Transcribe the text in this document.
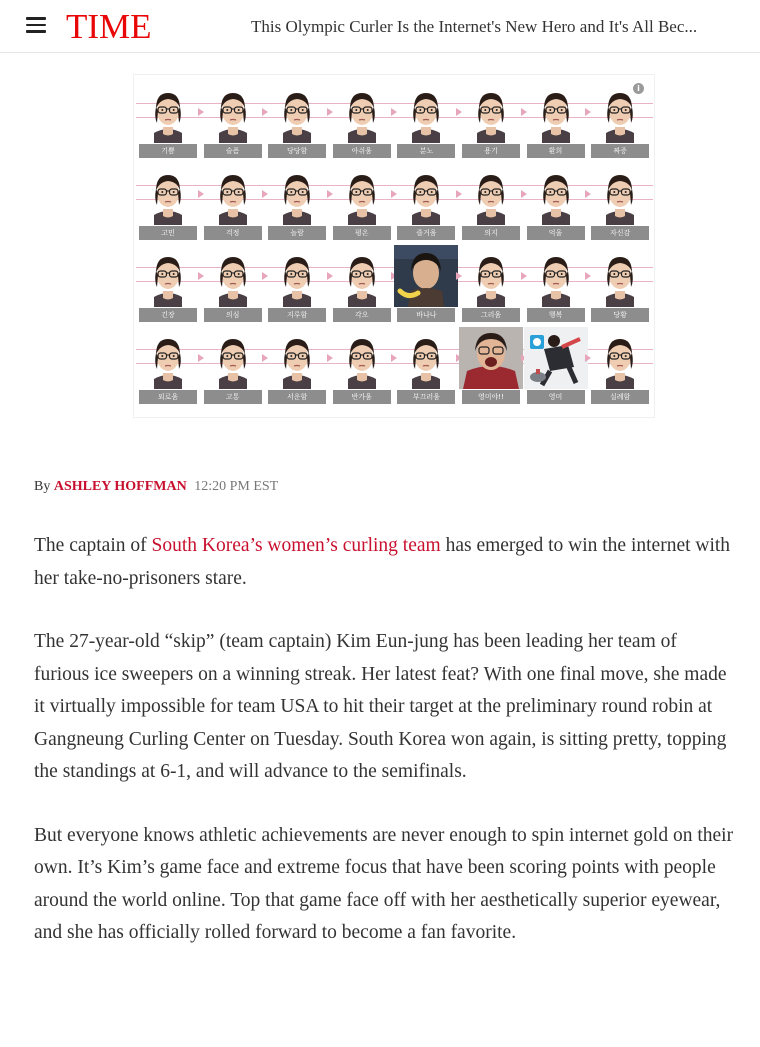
TIME	This Olympic Curler Is the Internet's New Hero and It's All Bec...
기쁨	슬픔	당당함	아쉬움	분노	용기	환희	짜증
고민	걱정	놀람	평온	즐거움	의지	억울	자신감
긴장	의심	지루함	각오	바나나	그리움	행복	당황
외로움	고통	서운함	반가움	부끄러움	영미야!!	영미	실례함
i
By ASHLEY HOFFMAN 12:20 PM EST

The captain of South Korea’s women’s curling team has emerged to win the internet with her take-no-prisoners stare.

The 27-year-old “skip” (team captain) Kim Eun-jung has been leading her team of furious ice sweepers on a winning streak. Her latest feat? With one final move, she made it virtually impossible for team USA to hit their target at the preliminary round robin at Gangneung Curling Center on Tuesday. South Korea won again, is sitting pretty, topping the standings at 6-1, and will advance to the semifinals.

But everyone knows athletic achievements are never enough to spin internet gold on their own. It’s Kim’s game face and extreme focus that have been scoring points with people around the world online. Top that game face off with her aesthetically superior eyewear, and she has officially rolled forward to become a fan favorite.
